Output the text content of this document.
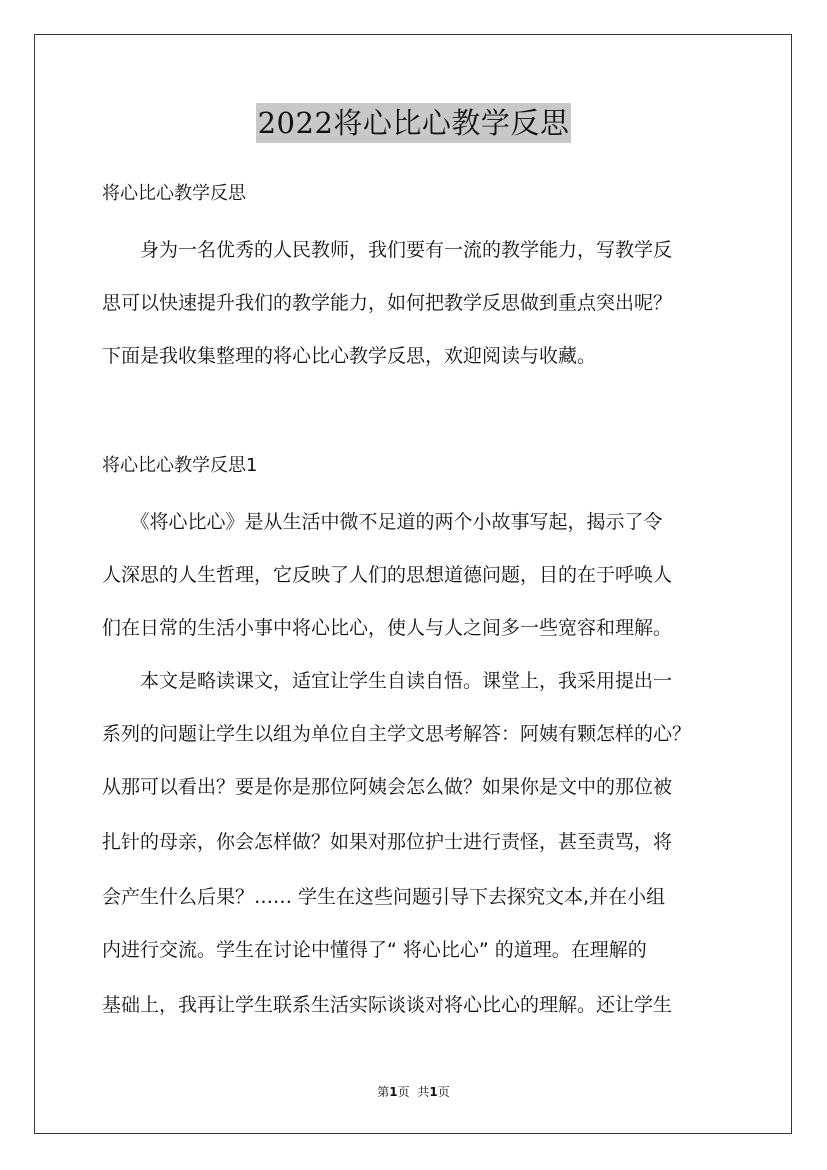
2022将心比心教学反思
将心比心教学反思
　　身为一名优秀的人民教师，我们要有一流的教学能力，写教学反
思可以快速提升我们的教学能力，如何把教学反思做到重点突出呢？
下面是我收集整理的将心比心教学反思，欢迎阅读与收藏。
将心比心教学反思1
　　《将心比心》是从生活中微不足道的两个小故事写起，揭示了令
人深思的人生哲理，它反映了人们的思想道德问题，目的在于呼唤人
们在日常的生活小事中将心比心，使人与人之间多一些宽容和理解。
　　本文是略读课文，适宜让学生自读自悟。课堂上，我采用提出一
系列的问题让学生以组为单位自主学文思考解答：阿姨有颗怎样的心？
从那可以看出？要是你是那位阿姨会怎么做？如果你是文中的那位被
扎针的母亲，你会怎样做？如果对那位护士进行责怪，甚至责骂，将
会产生什么后果？…… 学生在这些问题引导下去探究文本,并在小组
内进行交流。学生在讨论中懂得了“ 将心比心” 的道理。在理解的
基础上，我再让学生联系生活实际谈谈对将心比心的理解。还让学生
第1页 共1页
